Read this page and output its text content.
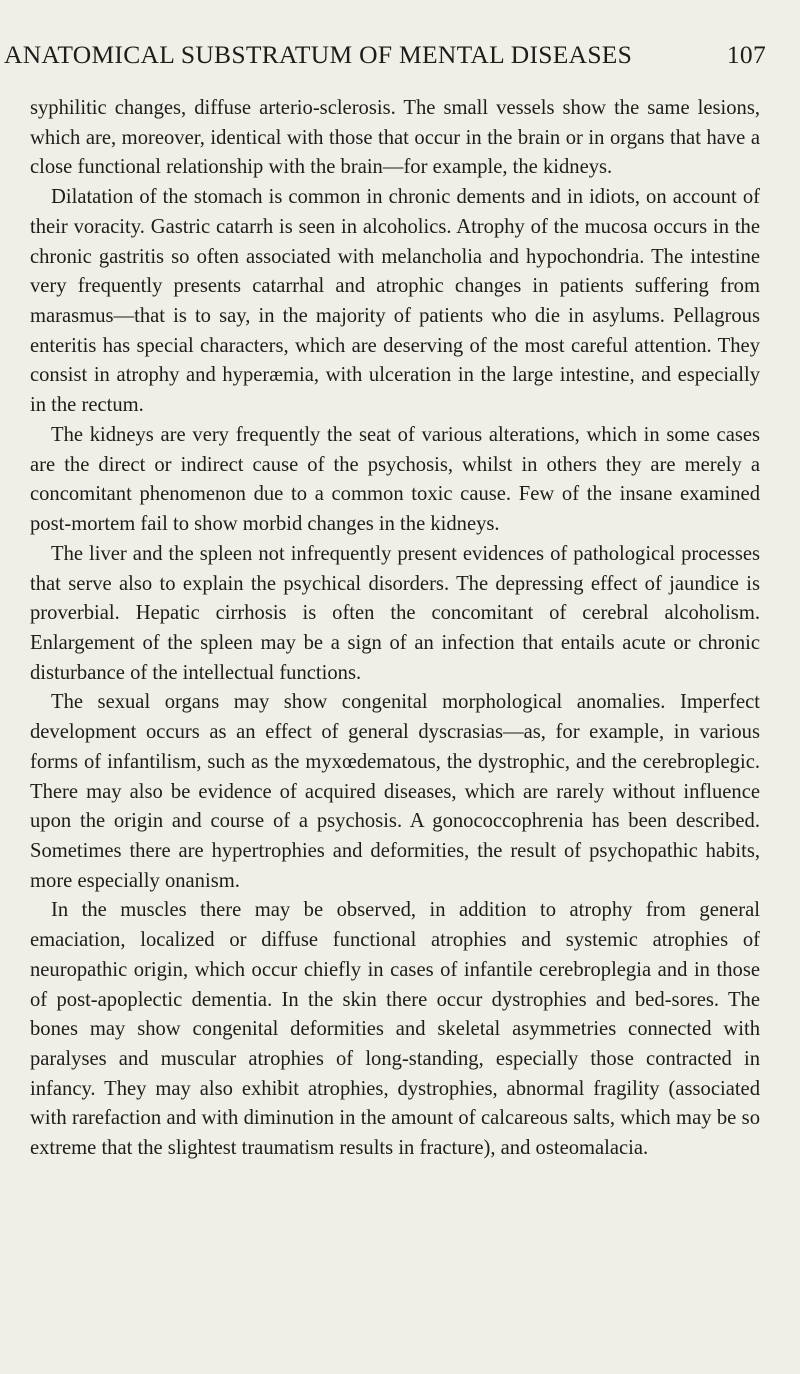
ANATOMICAL SUBSTRATUM OF MENTAL DISEASES	107

syphilitic changes, diffuse arterio-sclerosis. The small vessels show the same lesions, which are, moreover, identical with those that occur in the brain or in organs that have a close functional relationship with the brain—for example, the kidneys.

Dilatation of the stomach is common in chronic dements and in idiots, on account of their voracity. Gastric catarrh is seen in alcoholics. Atrophy of the mucosa occurs in the chronic gastritis so often associated with melancholia and hypochondria. The intestine very frequently presents catarrhal and atrophic changes in patients suffering from marasmus—that is to say, in the majority of patients who die in asylums. Pellagrous enteritis has special characters, which are deserving of the most careful attention. They consist in atrophy and hyperæmia, with ulceration in the large intestine, and especially in the rectum.

The kidneys are very frequently the seat of various alterations, which in some cases are the direct or indirect cause of the psychosis, whilst in others they are merely a concomitant phenomenon due to a common toxic cause. Few of the insane examined post-mortem fail to show morbid changes in the kidneys.

The liver and the spleen not infrequently present evidences of pathological processes that serve also to explain the psychical disorders. The depressing effect of jaundice is proverbial. Hepatic cirrhosis is often the concomitant of cerebral alcoholism. Enlargement of the spleen may be a sign of an infection that entails acute or chronic disturbance of the intellectual functions.

The sexual organs may show congenital morphological anomalies. Imperfect development occurs as an effect of general dyscrasias—as, for example, in various forms of infantilism, such as the myxœdematous, the dystrophic, and the cerebroplegic. There may also be evidence of acquired diseases, which are rarely without influence upon the origin and course of a psychosis. A gonococcophrenia has been described. Sometimes there are hypertrophies and deformities, the result of psychopathic habits, more especially onanism.

In the muscles there may be observed, in addition to atrophy from general emaciation, localized or diffuse functional atrophies and systemic atrophies of neuropathic origin, which occur chiefly in cases of infantile cerebroplegia and in those of post-apoplectic dementia. In the skin there occur dystrophies and bed-sores. The bones may show congenital deformities and skeletal asymmetries connected with paralyses and muscular atrophies of long-standing, especially those contracted in infancy. They may also exhibit atrophies, dystrophies, abnormal fragility (associated with rarefaction and with diminution in the amount of calcareous salts, which may be so extreme that the slightest traumatism results in fracture), and osteomalacia.
